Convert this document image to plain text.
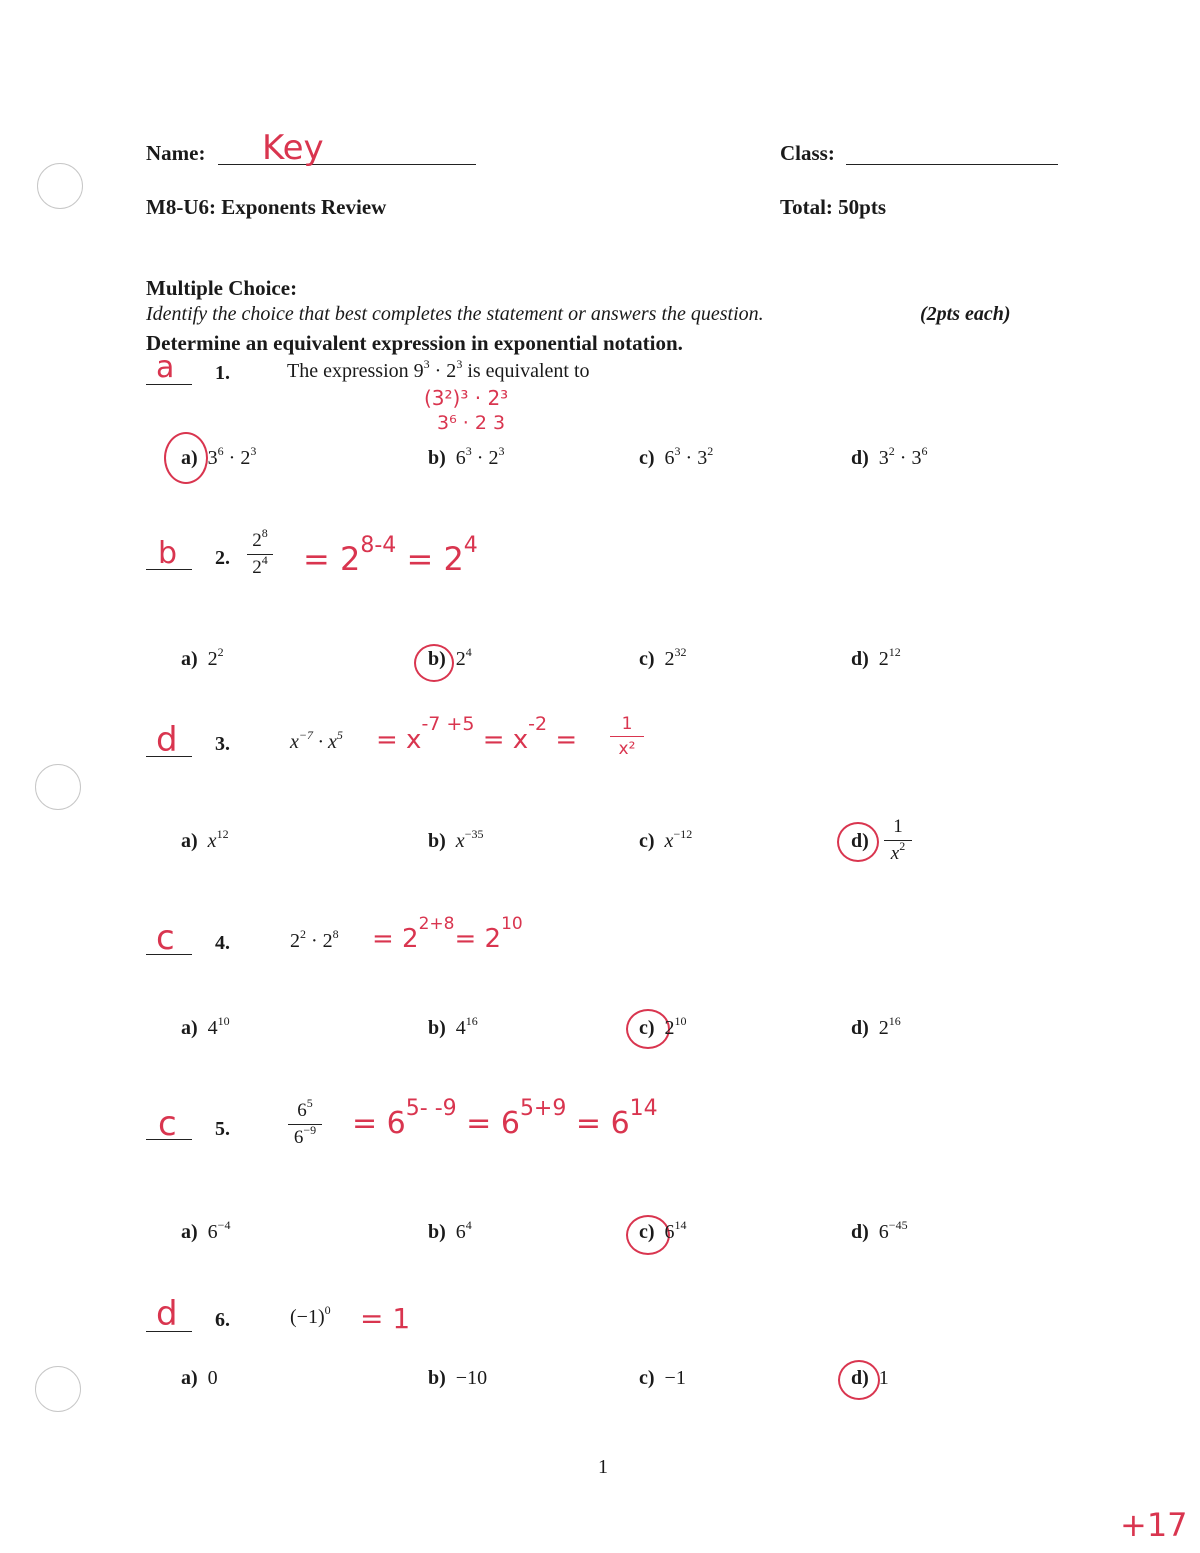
Name: Key	Class:
M8-U6: Exponents Review	Total: 50pts
Multiple Choice:
Identify the choice that best completes the statement or answers the question.	(2pts each)
Determine an equivalent expression in exponential notation.
a 1.	The expression $9^3 \cdot 2^3$ is equivalent to
(3²)³ · 2³
3⁶ · 2 3
a) $3^6 \cdot 2^3$	b) $6^3 \cdot 2^3$	c) $6^3 \cdot 3^2$	d) $3^2 \cdot 3^6$
b 2.
$2^8$
$2^4 = 2^{8-4} = 2^4$
a) $2^2$	b) $2^4$	c) $2^{32}$	d) $2^{12}$
d 3.	$x^{-7} \cdot x^5 = x^{-7 +5} = x^{-2}$ =
1
x²
a) $x^{12}$	b) $x^{-35}$	c) $x^{-12}$	d)
1
$x^2$
c 4.	$2^2 \cdot 2^8 = 2^{2+8}= 2^{10}$
a) $4^{10}$	b) $4^{16}$	c) $2^{10}$	d) $2^{16}$
c 5.
$6^5$
$6^{-9} = 6^{5- -9} = 6^{5+9} = 6^{14}$
a) $6^{-4}$	b) $6^4$	c) $6^{14}$	d) $6^{-45}$
d 6.	$(-1)^0 = 1$
a) 0	b) −10	c) −1	d) 1
1
+17
